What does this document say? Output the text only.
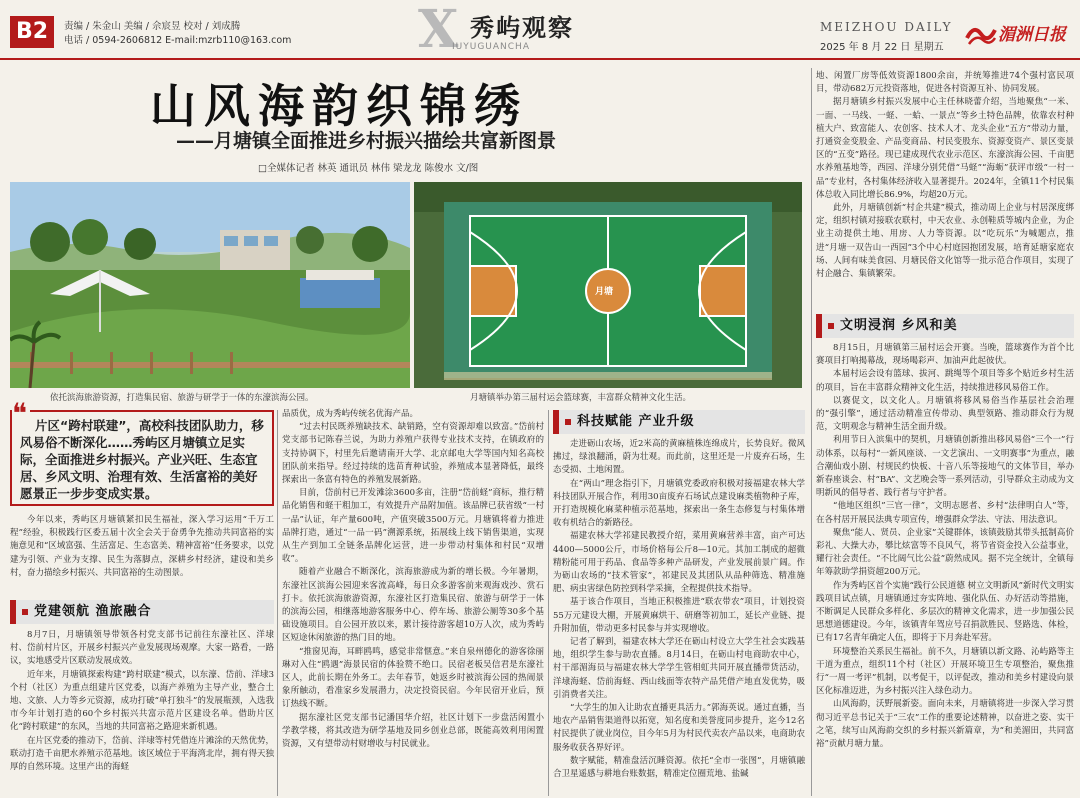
B2	责编 / 朱金山 美编 / 佘宸昱 校对 / 刘成腾
电话 / 0594-2606812 E-mail:mzrb110@163.com X 秀屿观察
IUYUGUANCHA
MEIZHOU DAILY
2025 年 8 月 22 日 星期五
湄洲日报
山风海韵织锦绣
——月塘镇全面推进乡村振兴描绘共富新图景
□全媒体记者 林英 通讯员 林伟 梁龙龙 陈俊水 文/图
依托滨海旅游资源，打造集民宿、旅游与研学于一体的东濠滨海公园。
月塘
月塘镇举办第三届村运会篮球赛，丰富群众精神文化生活。
片区“跨村联建”，高校科技团队助力，移风易俗不断深化……秀屿区月塘镇立足实际，全面推进乡村振兴。产业兴旺、生态宜居、乡风文明、治理有效、生活富裕的美好愿景正一步步变成实景。
❝

今年以来，秀屿区月塘镇紧扣民生福祉，深入学习运用“千万工程”经验，积极践行区委五届十次全会关于奋勇争先推动共同富裕的实施意见和“区域富强、生活富足、生态富美、精神富裕”任务要求，以党建为引领、产业为支撑、民生为落脚点，深耕乡村经济，建设和美乡村，奋力描绘乡村振兴、共同富裕的生动图景。

党建领航 渔旅融合

8月7日，月塘镇领导带领各村党支部书记前往东濠社区、洋埭村、岱前村片区，开展乡村振兴产业发展现场观摩。大家一路看，一路议，实地感受片区联动发展成效。

近年来，月塘镇探索构建“跨村联建”模式，以东濠、岱前、洋埭3个村（社区）为重点组建片区党委，以海产养殖为主导产业，整合土地、文旅、人力等乡元资源，成功打破“单打独斗”的发展瓶颈，入选我市今年计划打造的60个乡村振兴共富示范片区建设名单。借助片区化“跨村联建”的东风，当地的共同富裕之路迎来新机遇。

在片区党委的推动下，岱前、洋埭等村凭借连片滩涂的天然优势，联动打造千亩肥水养殖示范基地。该区域位于平海湾北岸，拥有得天独厚的自然环境。这里产出的海蛏

品质优，成为秀屿传统名优海产品。

“过去村民既养殖缺技术、缺销路，空有资源却难以致富。”岱前村党支部书记陈春兰说，为助力养殖户获得专业技术支持，在镇政府的支持协调下，村里先后邀请南开大学、北京邮电大学等国内知名高校团队前来指导。经过持续的选苗育种试验，养殖成本显著降低，最终探索出一条富有特色的养殖发展新路。

目前，岱前村已开发滩涂3600多亩，注册“岱前蛏”商标，推行精品化销售和蛏干粗加工，有效提升产品附加值。该品牌已获省级“一村一品”认证，年产量600吨，产值突破3500万元。月塘镇将着力推进品牌打造，通过“一品一码”溯源系统，拓展线上线下销售渠道，实现从生产到加工全链条品牌化运营，进一步带动村集体和村民“双增收”。

随着产业融合不断深化，滨海旅游成为新的增长极。今年暑期，东濠社区滨海公园迎来客流高峰，每日众多游客前来观海戏沙、赏石打卡。依托滨海旅游资源，东濠社区打造集民宿、旅游与研学于一体的滨海公园，相继落地游客服务中心、停车场、旅游公厕等30多个基础设施项目。自公园开放以来，累计接待游客超10万人次，成为秀屿区短途休闲旅游的热门目的地。

“推窗见海，耳畔鸥鸣，感觉非常惬意。”来自泉州德化的游客徐丽琳对入住“鸥遇”海景民宿的体验赞不绝口。民宿老板吴信君是东濠社区人，此前长期在外务工。去年春节，她返乡时被滨海公园的热闹景象所触动，看准家乡发展潜力，决定投资民宿。今年民宿开业后，预订热线不断。

据东濠社区党支部书记潘国华介绍，社区计划下一步盘活闲置小学教学楼，将其改造为研学基地及同乡创业总部，既能高效利用闲置资源，又有望带动村财增收与村民就业。

科技赋能 产业升级

走进砺山农场，近2米高的黄麻植株连绵成片，长势良好。微风拂过，绿浪翻涌，蔚为壮观。而此前，这里还是一片废弃石场，生态受损、土地闲置。

在“两山”理念指引下，月塘镇党委政府积极对接福建农林大学科技团队开展合作，利用30亩废弃石场试点建设麻类植物种子库，开打造规模化麻菜种植示范基地，探索出一条生态修复与村集体增收有机结合的新路径。

福建农林大学祁建民教授介绍，菜用黄麻营养丰富，亩产可达4400—5000公斤，市场价格每公斤8—10元。其加工制成的超微精粉能可用于药品、食品等多种产品研发，产业发展前景广阔。作为砺山农场的“技术管家”，祁建民及其团队从品种筛选、精准施肥、病虫害绿色防控到科学采摘，全程提供技术指导。

基于该合作项目，当地正积极推进“联农带农”项目，计划投资55万元建设大棚，开展黄麻烘干、研磨等初加工，延长产业链、提升附加值，带动更多村民参与并实现增收。

记者了解到，福建农林大学还在砺山村设立大学生社会实践基地，组织学生参与助农直播。8月14日，在砺山村电商助农中心，村干部湄海员与福建农林大学学生管相虹共同开展直播带货活动，洋埭海蛏、岱前海蛏、西山线面等农特产品凭借产地直发优势，吸引消费者关注。

“大学生的加入让助农直播更具活力。”郭海英说。通过直播，当地农产品销售渠道得以拓宽，知名度和美誉度同步提升，迄今12名村民提供了就业岗位，目今年5月为村民代卖农产品以来，电商助农服务收获各界好评。

数字赋能，精准盘活沉睡资源。依托“全市一张图”，月塘镇融合卫星遥感与耕地台账数据，精准定位圈荒地、盐碱

地、闲置厂房等低效资源1800余亩，并统筹推进74个强村富民项目，带动682万元投资落地，促进各村资源互补、协同发展。

据月塘镇乡村振兴发展中心主任林晓蕾介绍，当地聚焦“一米、一面、一马线、一蛏、一蛤、一景点”等乡土特色品牌，依靠农村种植大户、致富能人、农创客、技术人才、龙头企业“五方”带动力量，打通资金变股金、产品变商品、村民变股东、资源变资产、景区变景区的“五变”路径。现已建成现代农业示范区、东濠滨海公园、千亩肥水养殖基地等，西园、洋埭分别凭借“马蛏”“海蛎”获评市级“一村一品”专业村，各村集体经济收入显著提升。2024年，全镇11个村民集体总收入同比增长86.9%，均超20万元。

此外，月塘镇创新“村企共建”模式，推动周上企业与村居深度绑定，组织村镇对接联农联村，中天农业、永创鞋质等城内企业，为企业主动提供土地、用房、人力等资源。以“吃玩乐”为喊题点，推进“月塘一双告山一西园”3个中心村庭园抱团发展，培育延塘家庭农场、人间有味美食园、月塘民俗文化馆等一批示范合作项目，实现了村企融合、集镇繁荣。

文明浸润 乡风和美

8月15日，月塘镇第三届村运会开赛。当晚，篮球赛作为首个比赛项目打响揭幕战，现场喝彩声、加油声此起彼伏。

本届村运会设有篮球、拔河、跳绳等个项目等多个贴近乡村生活的项目，旨在丰富群众精神文化生活，持续推进移风易俗工作。

以赛促文，以文化人。月塘镇将移风易俗当作基层社会治理的“强引擎”，通过活动精准宣传带动、典型领路、推动群众行为规范，文明观念与精神生活全面升级。

利用节日入滨集中的契机，月塘镇创新推出移风易俗“三个一”行动体系，以每村“一新风座谈、一文艺演出、一文明赛事”为重点，融合潮仙戏小剧、村规民约快板、十音八乐等接地气的文体节目，举办新春座谈会、村“BA”、文艺晚会等一系列活动，引导群众主动成为文明新风的倡导者、践行者与守护者。

“他地区组织”三官一律”，文明志愿者、乡村“法律明白人”等，在各村居开展民法典专项宣传，增强群众学法、守法、用法意识。

聚焦“能人、贤员、企业家”关键群体，该镇鼓励其带头抵制高价彩礼、大操大办，攀比炫富等不良风气，将节省资金投入公益事业，耀行社会责任。“不比阔气比公益”蔚然成风。据不完全统计，全镇每年筹款助学捐资超200万元。

作为秀屿区首个实施“践行公民道德 树立文明新风”新时代文明实践项目试点镇，月塘镇通过夯实阵地、强化队伍、办好活动等措施，不断调足人民群众多样化、多层次的精神文化需求，进一步加强公民思想道德建设。今年，该镇青年驾应号召捐款胜民、竖路选、体检，已有17名青年确定人伍，即将于下月奔赴军营。

环境整治关系民生福祉。前不久，月塘镇以新文路、沁屿路等主干道为重点，组织11个村（社区）开展环境卫生专项整治，聚焦推行“一周一考评”机制，以考促干，以评促改，推动和美乡村建设向景区化标准迈进，为乡村振兴注入绿色动力。

山风海韵，沃野展新姿。面向未来，月塘镇将进一步深入学习贯彻习近平总书记关于“三农”工作的重要论述精神，以奋进之姿、实干之笔，续写山风海韵交织的乡村振兴新篇章，为“和美湄田，共同富裕”贡献月塘力量。
